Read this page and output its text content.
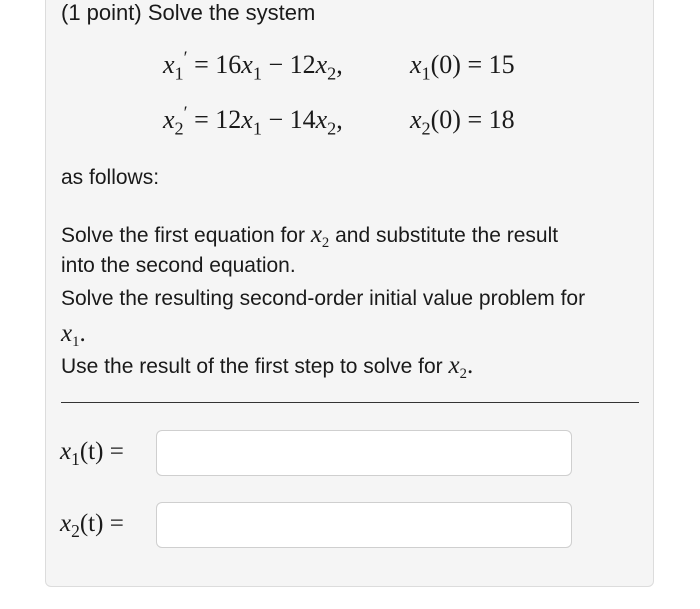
(1 point) Solve the system
$x_1' = 16x_1 - 12x_2$,	$x_1(0) = 15$
$x_2' = 12x_1 - 14x_2$,	$x_2(0) = 18$
as follows:
Solve the first equation for $x_2$ and substitute the result
into the second equation.
Solve the resulting second-order initial value problem for
$x_1$.
Use the result of the first step to solve for $x_2$.
$x_1(t)$ =
$x_2(t)$ =
